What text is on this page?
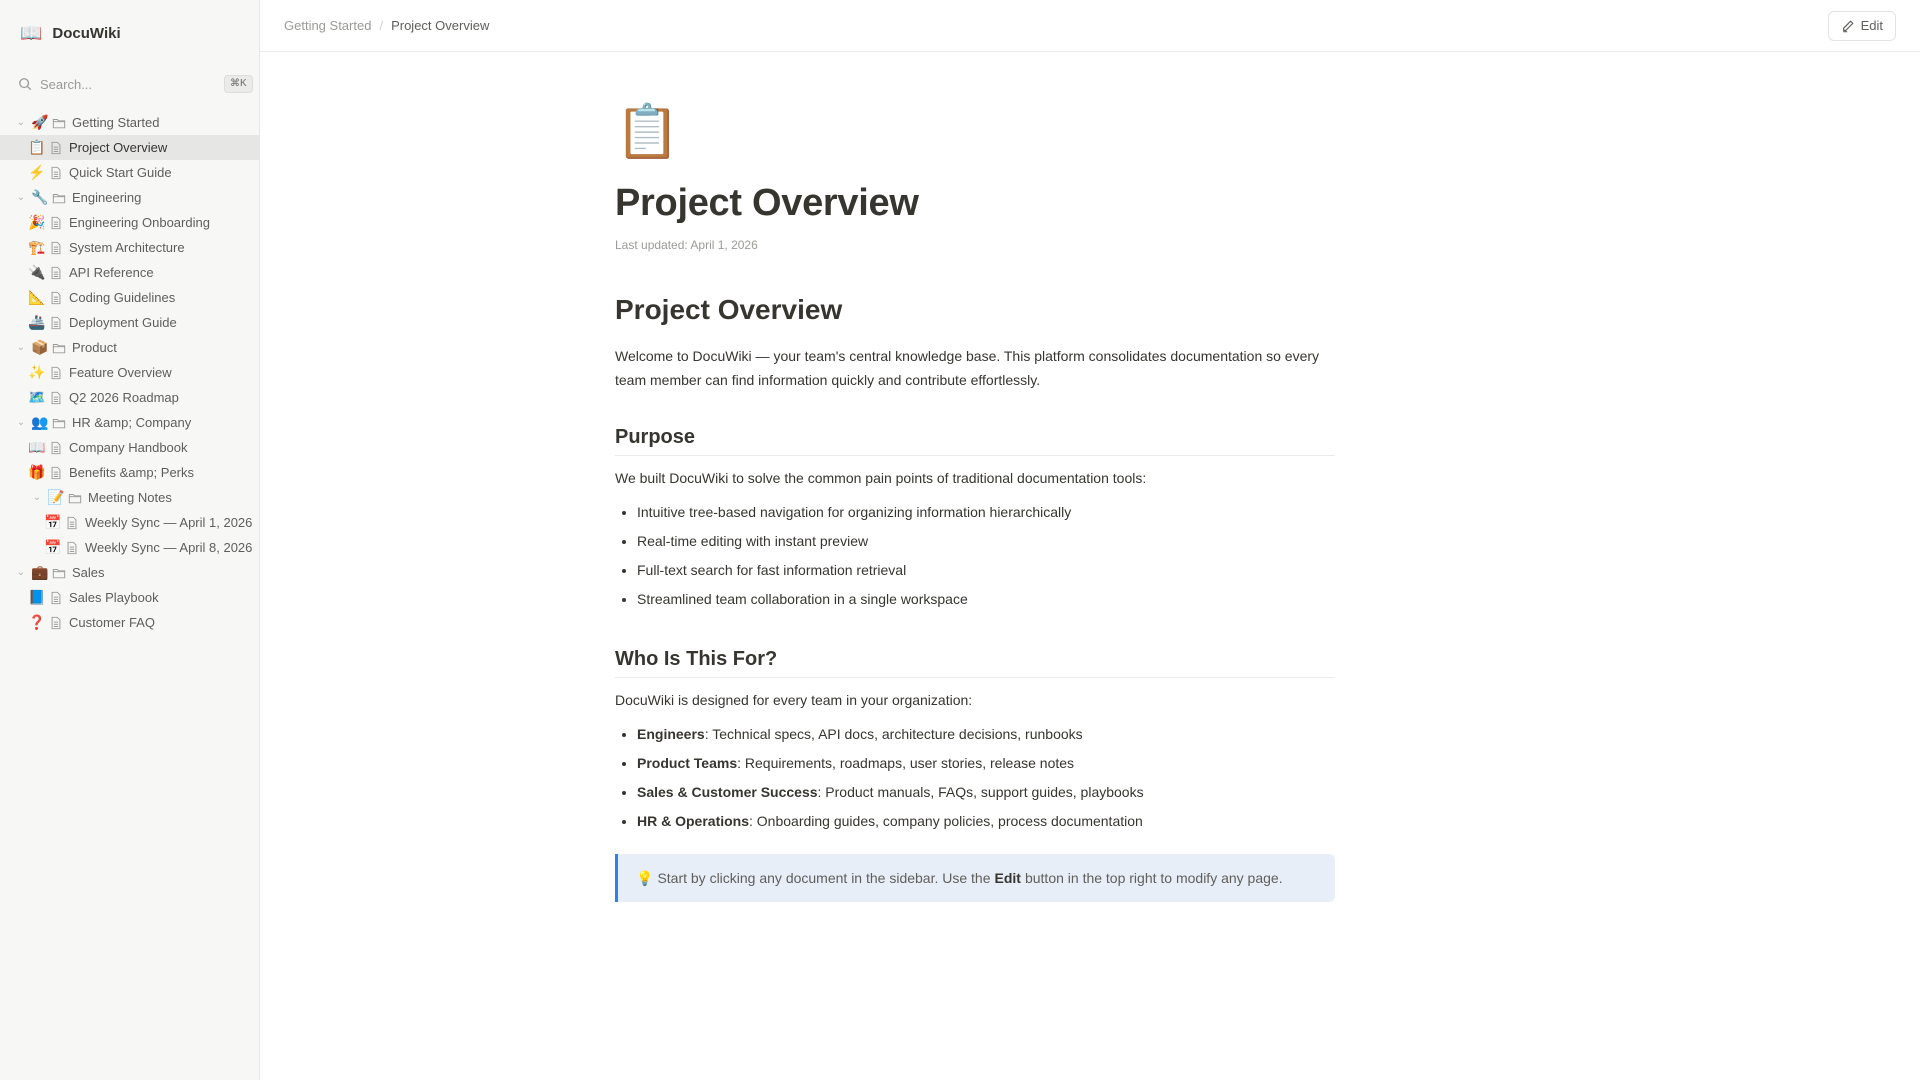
📖 DocuWiki
Search...
⌘K
⌄ 🚀 Getting Started
📋 Project Overview
⚡ Quick Start Guide
⌄ 🔧 Engineering
🎉 Engineering Onboarding
🏗️ System Architecture
🔌 API Reference
📐 Coding Guidelines
🚢 Deployment Guide
⌄ 📦 Product
✨ Feature Overview
🗺️ Q2 2026 Roadmap
⌄ 👥 HR &amp; Company
📖 Company Handbook
🎁 Benefits &amp; Perks
⌄ 📝 Meeting Notes
📅 Weekly Sync — April 1, 2026
📅 Weekly Sync — April 8, 2026
⌄ 💼 Sales
📘 Sales Playbook
❓ Customer FAQ
Getting Started / Project Overview	Edit
📋
Project Overview
Last updated: April 1, 2026
Project Overview

Welcome to DocuWiki — your team's central knowledge base. This platform consolidates documentation so every team member can find information quickly and contribute effortlessly.

Purpose

We built DocuWiki to solve the common pain points of traditional documentation tools:

• Intuitive tree-based navigation for organizing information hierarchically
• Real-time editing with instant preview
• Full-text search for fast information retrieval
• Streamlined team collaboration in a single workspace
Who Is This For?

DocuWiki is designed for every team in your organization:

• Engineers: Technical specs, API docs, architecture decisions, runbooks
• Product Teams: Requirements, roadmaps, user stories, release notes
• Sales & Customer Success: Product manuals, FAQs, support guides, playbooks
• HR & Operations: Onboarding guides, company policies, process documentation
💡 Start by clicking any document in the sidebar. Use the Edit button in the top right to modify any page.
